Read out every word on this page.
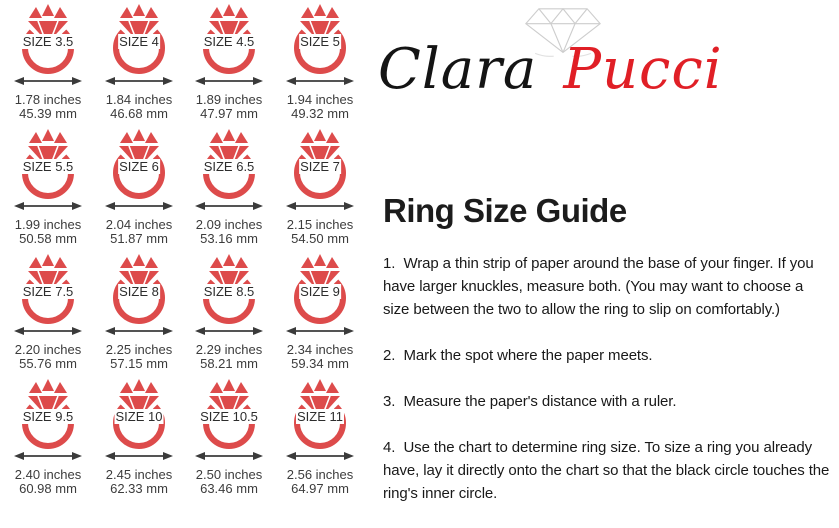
SIZE 3.5
1.78 inches
45.39 mm
SIZE 4
1.84 inches
46.68 mm
SIZE 4.5
1.89 inches
47.97 mm
SIZE 5
1.94 inches
49.32 mm
SIZE 5.5
1.99 inches
50.58 mm
SIZE 6
2.04 inches
51.87 mm
SIZE 6.5
2.09 inches
53.16 mm
SIZE 7
2.15 inches
54.50 mm
SIZE 7.5
2.20 inches
55.76 mm
SIZE 8
2.25 inches
57.15 mm
SIZE 8.5
2.29 inches
58.21 mm
SIZE 9
2.34 inches
59.34 mm
SIZE 9.5
2.40 inches
60.98 mm
SIZE 10
2.45 inches
62.33 mm
SIZE 10.5
2.50 inches
63.46 mm
SIZE 11
2.56 inches
64.97 mm
Clara Pucci
Ring Size Guide

1.  Wrap a thin strip of paper around the base of your finger. If you have larger knuckles, measure both. (You may want to choose a size between the two to allow the ring to slip on comfortably.)

2.  Mark the spot where the paper meets.

3.  Measure the paper's distance with a ruler.

4.  Use the chart to determine ring size. To size a ring you already have, lay it directly onto the chart so that the black circle touches the ring's inner circle.
